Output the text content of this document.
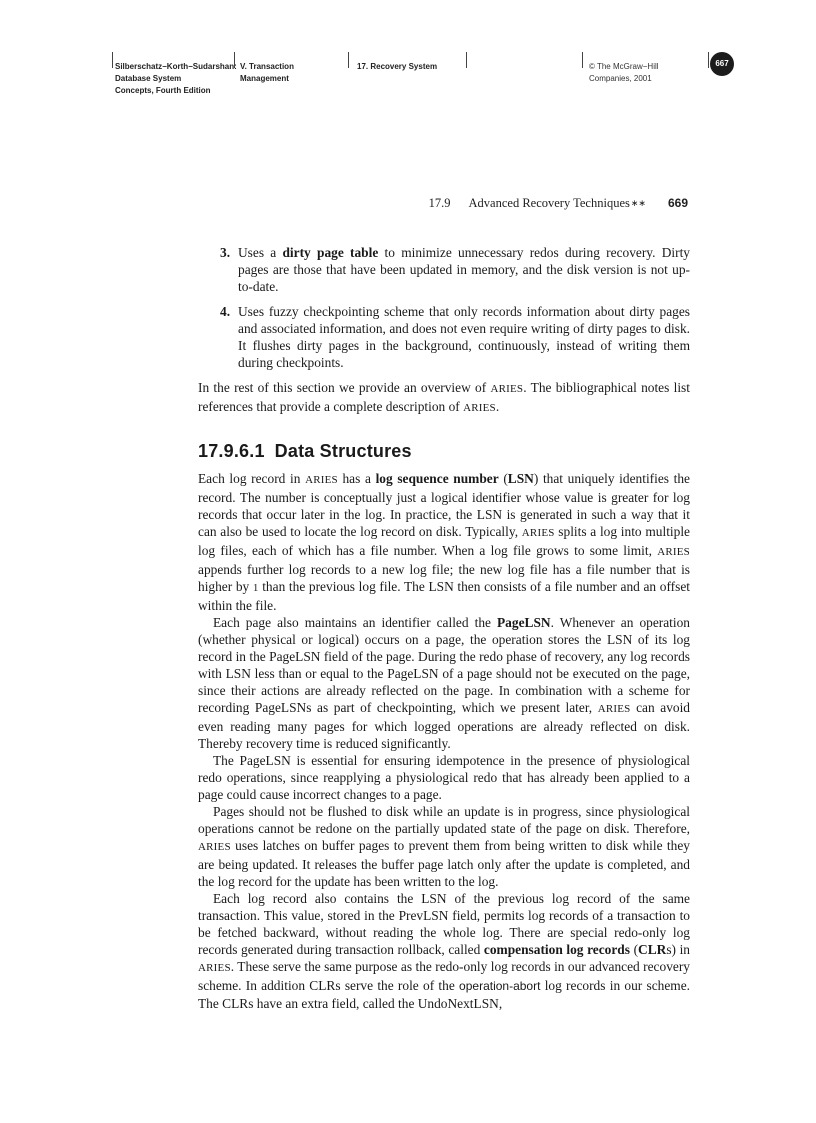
Silberschatz−Korth−Sudarshan:
Database System
Concepts, Fourth Edition
V. Transaction
Management
17. Recovery System	© The McGraw−Hill
Companies, 2001
667
17.9 Advanced Recovery Techniques∗∗ 669
3. Uses a dirty page table to minimize unnecessary redos during recovery. Dirty pages are those that have been updated in memory, and the disk version is not up-to-date.

4. Uses fuzzy checkpointing scheme that only records information about dirty pages and associated information, and does not even require writing of dirty pages to disk. It flushes dirty pages in the background, continuously, instead of writing them during checkpoints.

In the rest of this section we provide an overview of ARIES. The bibliographical notes list references that provide a complete description of ARIES.

17.9.6.1 Data Structures

Each log record in ARIES has a log sequence number (LSN) that uniquely identifies the record. The number is conceptually just a logical identifier whose value is greater for log records that occur later in the log. In practice, the LSN is generated in such a way that it can also be used to locate the log record on disk. Typically, ARIES splits a log into multiple log files, each of which has a file number. When a log file grows to some limit, ARIES appends further log records to a new log file; the new log file has a file number that is higher by 1 than the previous log file. The LSN then consists of a file number and an offset within the file.

Each page also maintains an identifier called the PageLSN. Whenever an operation (whether physical or logical) occurs on a page, the operation stores the LSN of its log record in the PageLSN field of the page. During the redo phase of recovery, any log records with LSN less than or equal to the PageLSN of a page should not be executed on the page, since their actions are already reflected on the page. In combination with a scheme for recording PageLSNs as part of checkpointing, which we present later, ARIES can avoid even reading many pages for which logged operations are already reflected on disk. Thereby recovery time is reduced significantly.

The PageLSN is essential for ensuring idempotence in the presence of physiological redo operations, since reapplying a physiological redo that has already been applied to a page could cause incorrect changes to a page.

Pages should not be flushed to disk while an update is in progress, since physiological operations cannot be redone on the partially updated state of the page on disk. Therefore, ARIES uses latches on buffer pages to prevent them from being written to disk while they are being updated. It releases the buffer page latch only after the update is completed, and the log record for the update has been written to the log.

Each log record also contains the LSN of the previous log record of the same transaction. This value, stored in the PrevLSN field, permits log records of a transaction to be fetched backward, without reading the whole log. There are special redo-only log records generated during transaction rollback, called compensation log records (CLRs) in ARIES. These serve the same purpose as the redo-only log records in our advanced recovery scheme. In addition CLRs serve the role of the operation-abort log records in our scheme. The CLRs have an extra field, called the UndoNextLSN,
